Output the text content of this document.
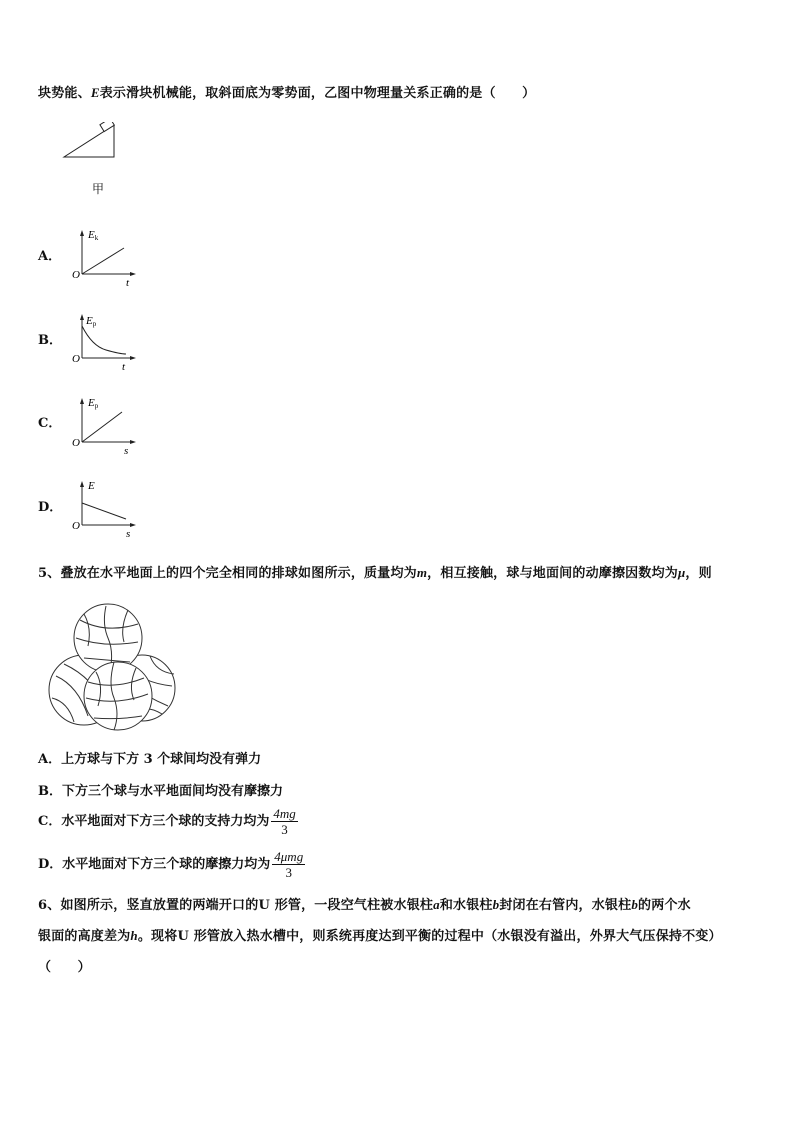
块势能、E表示滑块机械能，取斜面底为零势面，乙图中物理量关系正确的是（　　）
甲
A．
O
Ek
t
B．
O
Ep
t
C．
O
Ep
s
D．
O
E
s
5、叠放在水平地面上的四个完全相同的排球如图所示，质量均为m，相互接触，球与地面间的动摩擦因数均为μ，则
A．上方球与下方 3 个球间均没有弹力
B．下方三个球与水平地面间均没有摩擦力
C．水平地面对下方三个球的支持力均为 $\frac{4mg}{3}$
D．水平地面对下方三个球的摩擦力均为 $\frac{\text{4μmg}}{3}$
6、如图所示，竖直放置的两端开口的U 形管，一段空气柱被水银柱a和水银柱b封闭在右管内，水银柱b的两个水
银面的高度差为h。现将U 形管放入热水槽中，则系统再度达到平衡的过程中（水银没有溢出，外界大气压保持不变）
（　　）
